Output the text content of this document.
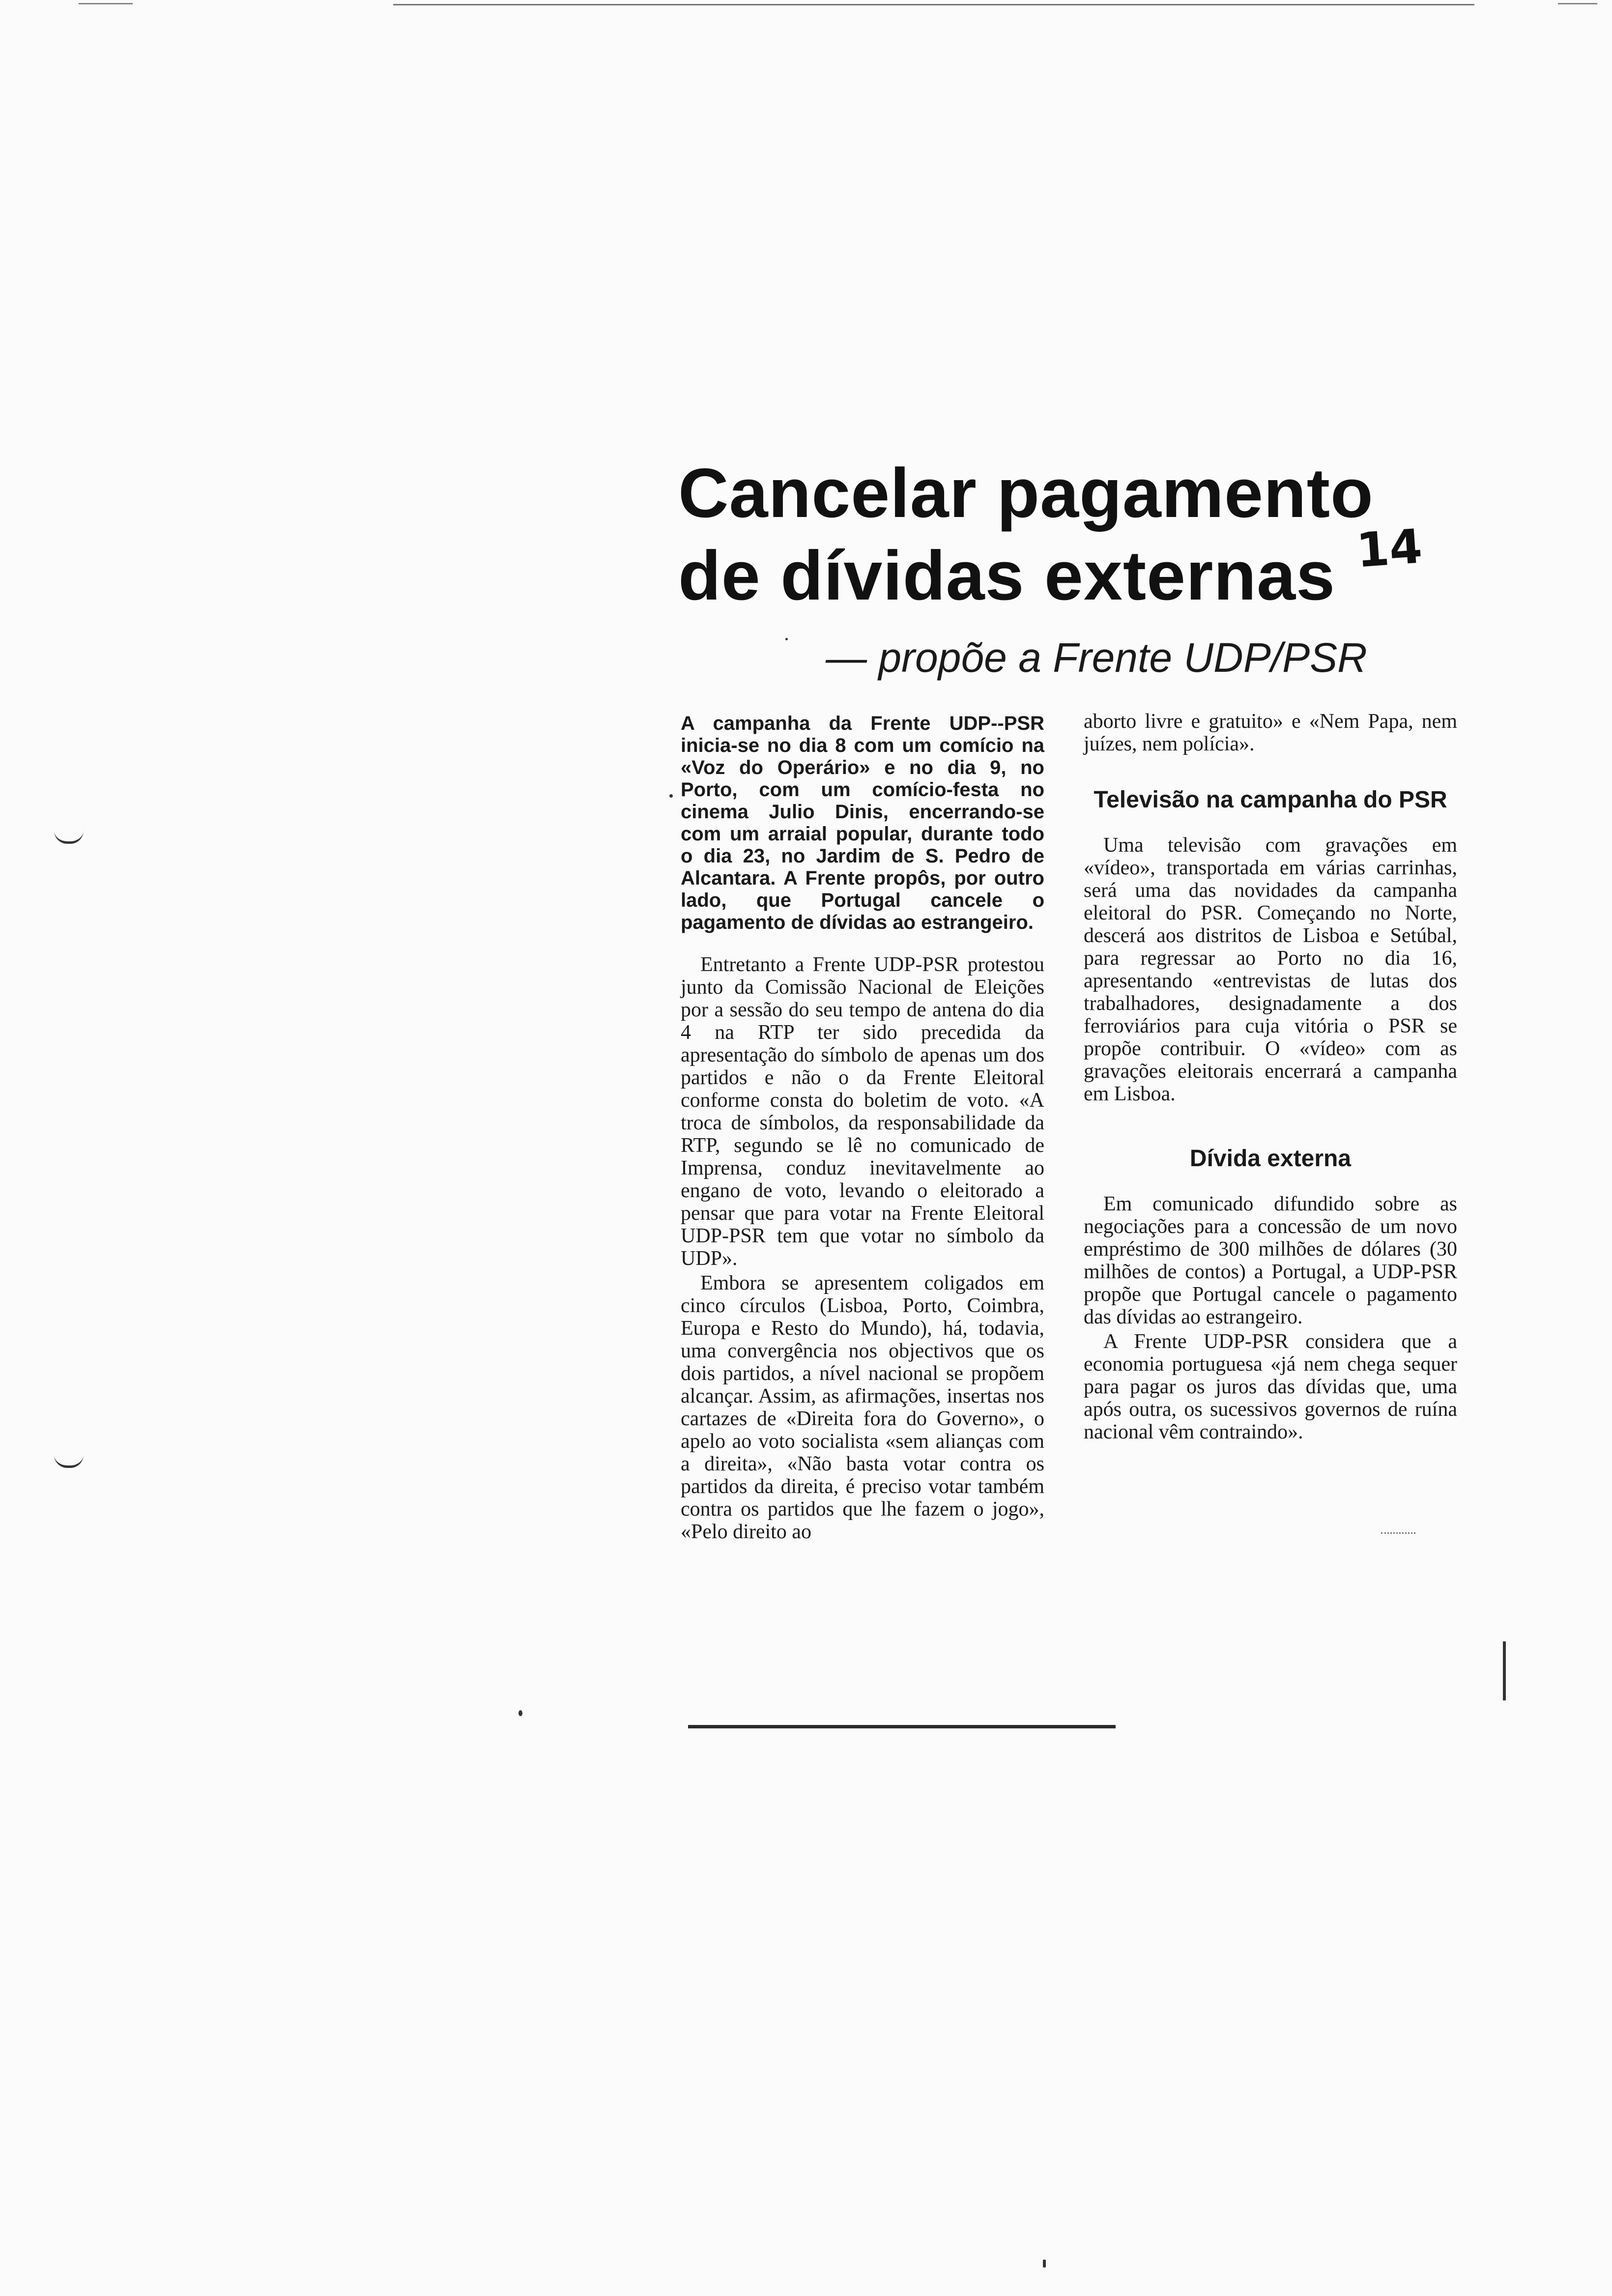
Cancelar pagamento
de dívidas externas 14
— propõe a Frente UDP/PSR

A campanha da Frente UDP--PSR inicia-se no dia 8 com um comício na «Voz do Operário» e no dia 9, no Porto, com um comício-festa no cinema Julio Dinis, encerrando-se com um arraial popular, durante todo o dia 23, no Jardim de S. Pedro de Alcantara. A Frente propôs, por outro lado, que Portugal cancele o pagamento de dívidas ao estrangeiro.

Entretanto a Frente UDP-PSR protestou junto da Comissão Nacional de Eleições por a sessão do seu tempo de antena do dia 4 na RTP ter sido precedida da apresentação do símbolo de apenas um dos partidos e não o da Frente Eleitoral conforme consta do boletim de voto. «A troca de símbolos, da responsabilidade da RTP, segundo se lê no comunicado de Imprensa, conduz inevitavelmente ao engano de voto, levando o eleitorado a pensar que para votar na Frente Eleitoral UDP-PSR tem que votar no símbolo da UDP».

Embora se apresentem coligados em cinco círculos (Lisboa, Porto, Coimbra, Europa e Resto do Mundo), há, todavia, uma convergência nos objectivos que os dois partidos, a nível nacional se propõem alcançar. Assim, as afirmações, insertas nos cartazes de «Direita fora do Governo», o apelo ao voto socialista «sem alianças com a direita», «Não basta votar contra os partidos da direita, é preciso votar também contra os partidos que lhe fazem o jogo», «Pelo direito ao

aborto livre e gratuito» e «Nem Papa, nem juízes, nem polícia».

Televisão na campanha do PSR

Uma televisão com gravações em «vídeo», transportada em várias carrinhas, será uma das novidades da campanha eleitoral do PSR. Começando no Norte, descerá aos distritos de Lisboa e Setúbal, para regressar ao Porto no dia 16, apresentando «entrevistas de lutas dos trabalhadores, designadamente a dos ferroviários para cuja vitória o PSR se propõe contribuir. O «vídeo» com as gravações eleitorais encerrará a campanha em Lisboa.

Dívida externa

Em comunicado difundido sobre as negociações para a concessão de um novo empréstimo de 300 milhões de dólares (30 milhões de contos) a Portugal, a UDP-PSR propõe que Portugal cancele o pagamento das dívidas ao estrangeiro.

A Frente UDP-PSR considera que a economia portuguesa «já nem chega sequer para pagar os juros das dívidas que, uma após outra, os sucessivos governos de ruína nacional vêm contraindo».
